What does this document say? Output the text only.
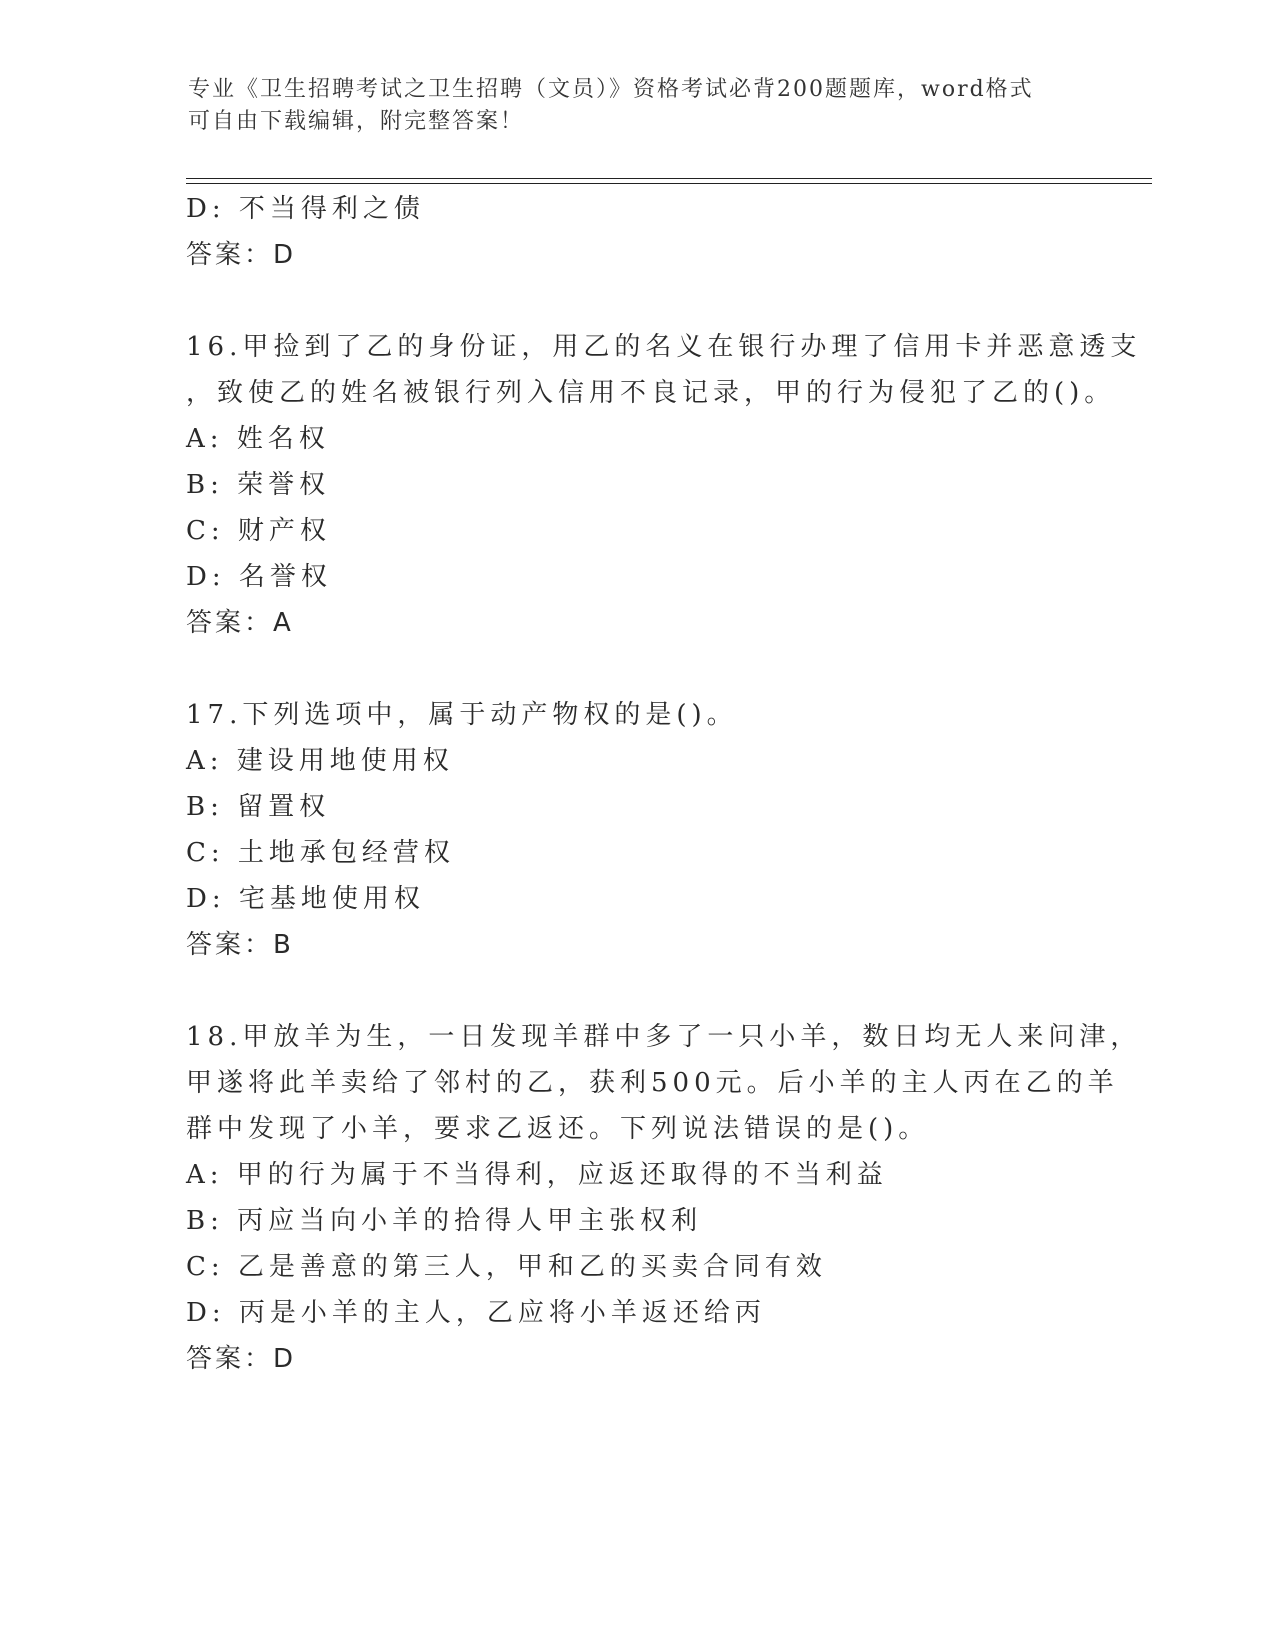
专业《卫生招聘考试之卫生招聘（文员）》资格考试必背200题题库，word格式
可自由下载编辑，附完整答案！
D: 不当得利之债
答案：D
16.甲捡到了乙的身份证，用乙的名义在银行办理了信用卡并恶意透支
，致使乙的姓名被银行列入信用不良记录，甲的行为侵犯了乙的()。
A: 姓名权
B: 荣誉权
C: 财产权
D: 名誉权
答案：A
17.下列选项中，属于动产物权的是()。
A: 建设用地使用权
B: 留置权
C: 土地承包经营权
D: 宅基地使用权
答案：B
18.甲放羊为生，一日发现羊群中多了一只小羊，数日均无人来问津，
甲遂将此羊卖给了邻村的乙，获利500元。后小羊的主人丙在乙的羊
群中发现了小羊，要求乙返还。下列说法错误的是()。
A: 甲的行为属于不当得利，应返还取得的不当利益
B: 丙应当向小羊的拾得人甲主张权利
C: 乙是善意的第三人，甲和乙的买卖合同有效
D: 丙是小羊的主人，乙应将小羊返还给丙
答案：D
